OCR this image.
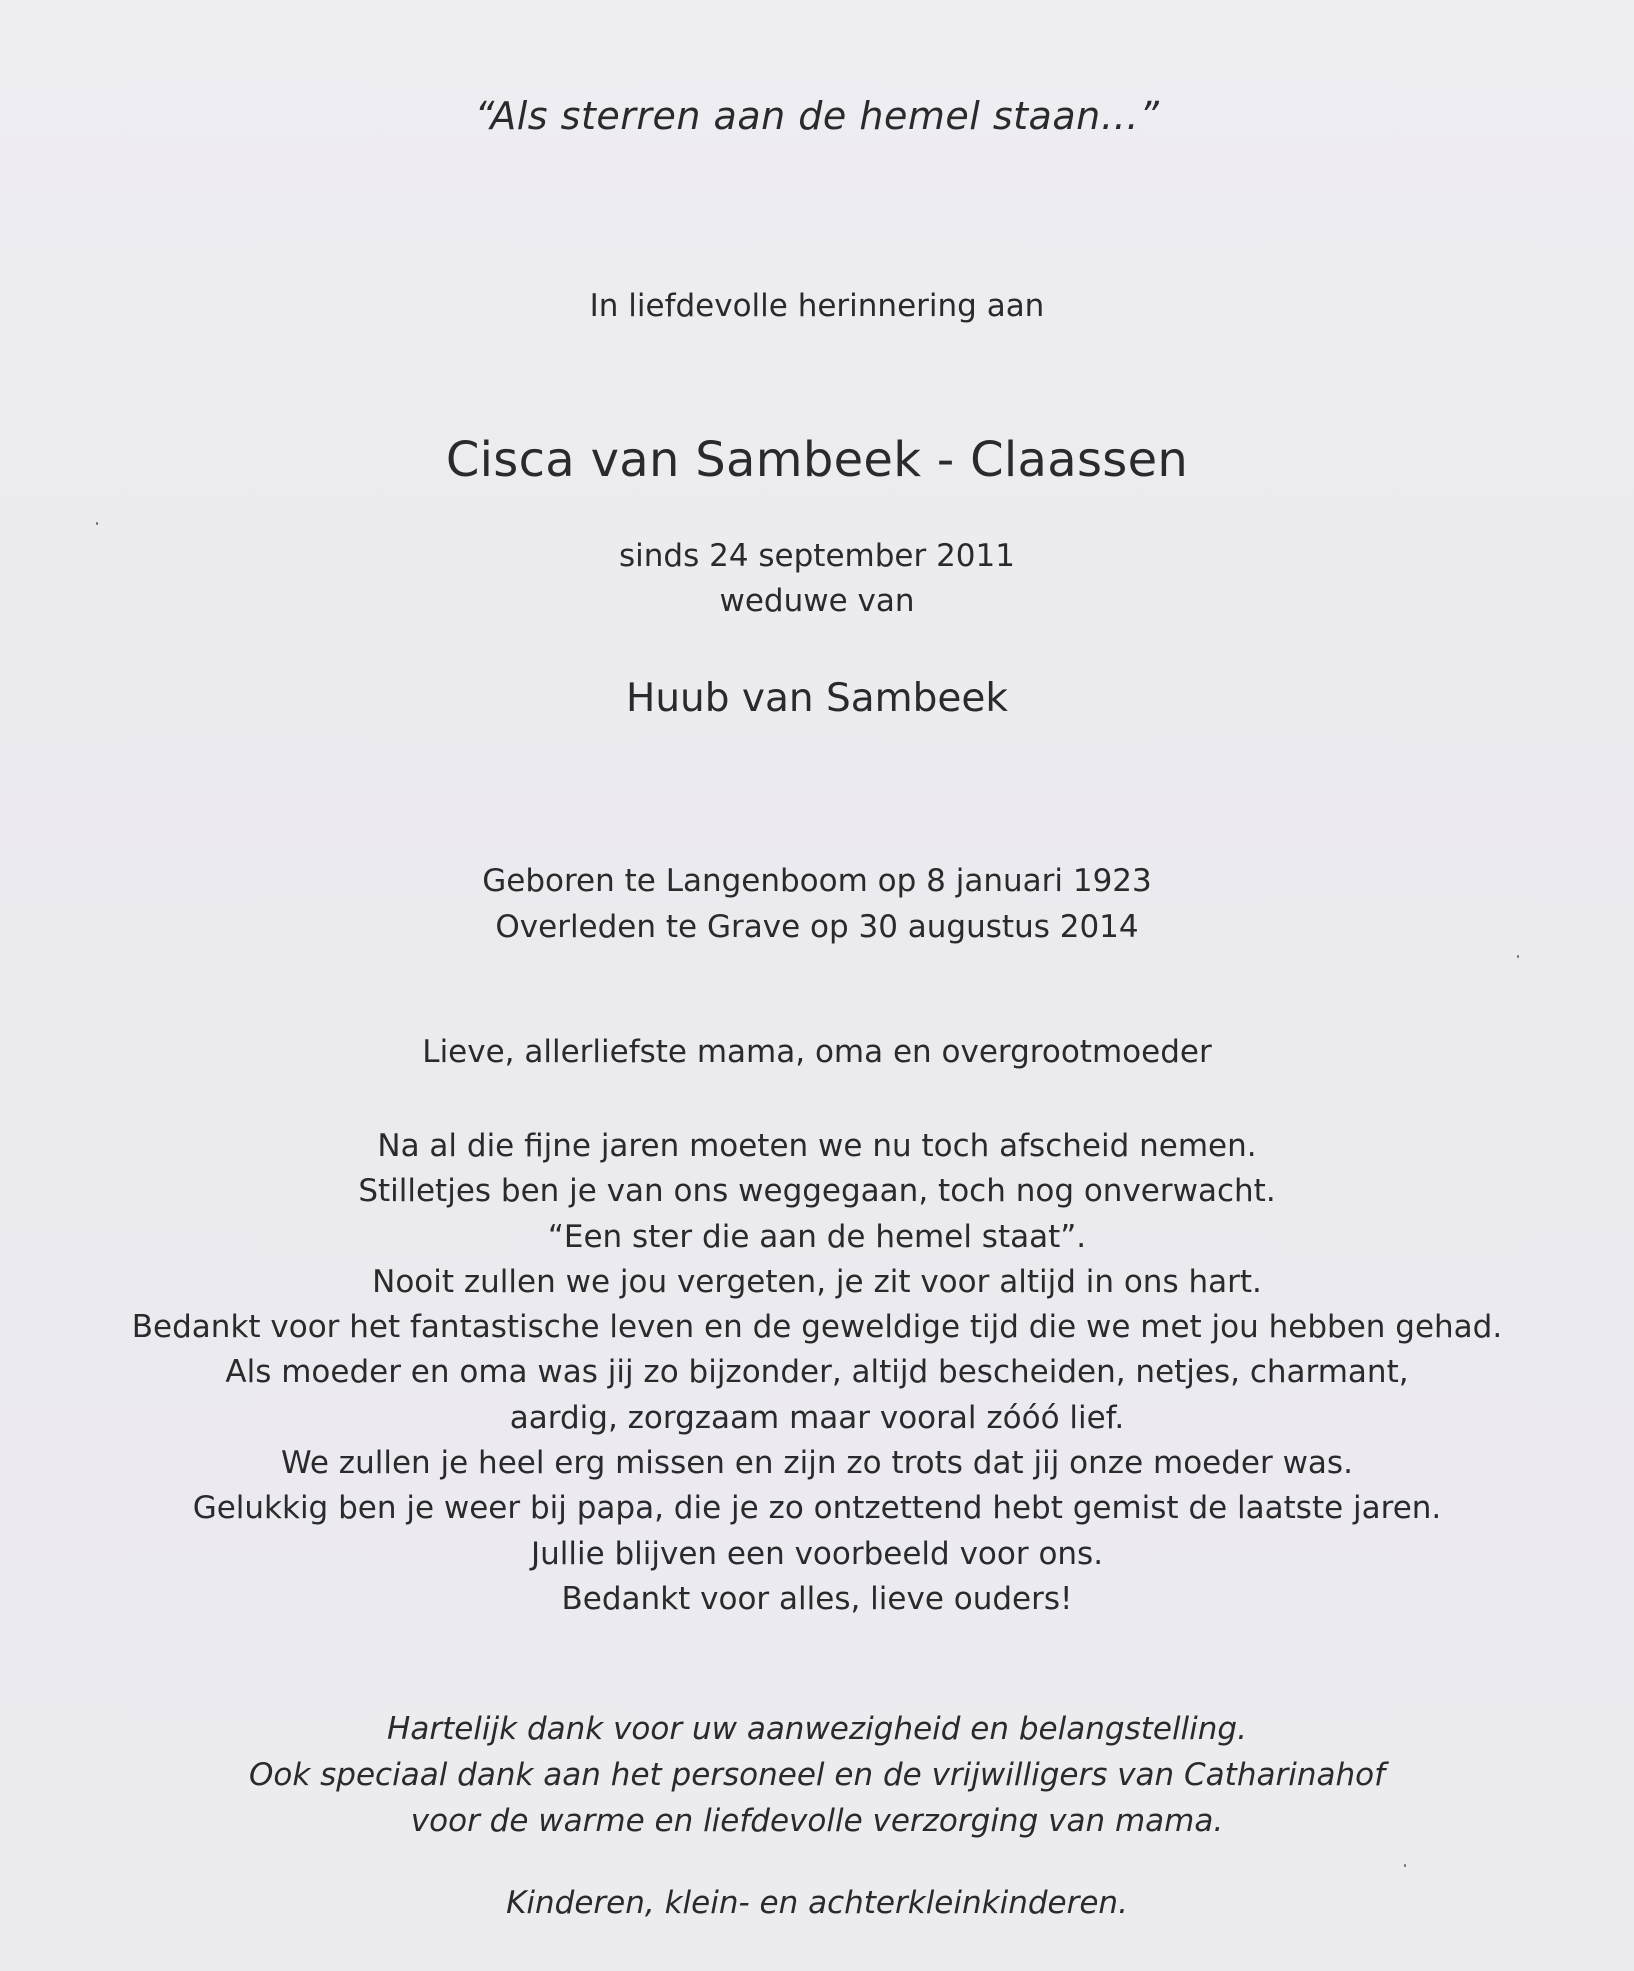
“Als sterren aan de hemel staan…”
In liefdevolle herinnering aan
Cisca van Sambeek - Claassen
sinds 24 september 2011
weduwe van
Huub van Sambeek
Geboren te Langenboom op 8 januari 1923
Overleden te Grave op 30 augustus 2014
Lieve, allerliefste mama, oma en overgrootmoeder
Na al die fijne jaren moeten we nu toch afscheid nemen.
Stilletjes ben je van ons weggegaan, toch nog onverwacht.
“Een ster die aan de hemel staat”.
Nooit zullen we jou vergeten, je zit voor altijd in ons hart.
Bedankt voor het fantastische leven en de geweldige tijd die we met jou hebben gehad.
Als moeder en oma was jij zo bijzonder, altijd bescheiden, netjes, charmant,
aardig, zorgzaam maar vooral zóóó lief.
We zullen je heel erg missen en zijn zo trots dat jij onze moeder was.
Gelukkig ben je weer bij papa, die je zo ontzettend hebt gemist de laatste jaren.
Jullie blijven een voorbeeld voor ons.
Bedankt voor alles, lieve ouders!
Hartelijk dank voor uw aanwezigheid en belangstelling.
Ook speciaal dank aan het personeel en de vrijwilligers van Catharinahof
voor de warme en liefdevolle verzorging van mama.
Kinderen, klein- en achterkleinkinderen.
